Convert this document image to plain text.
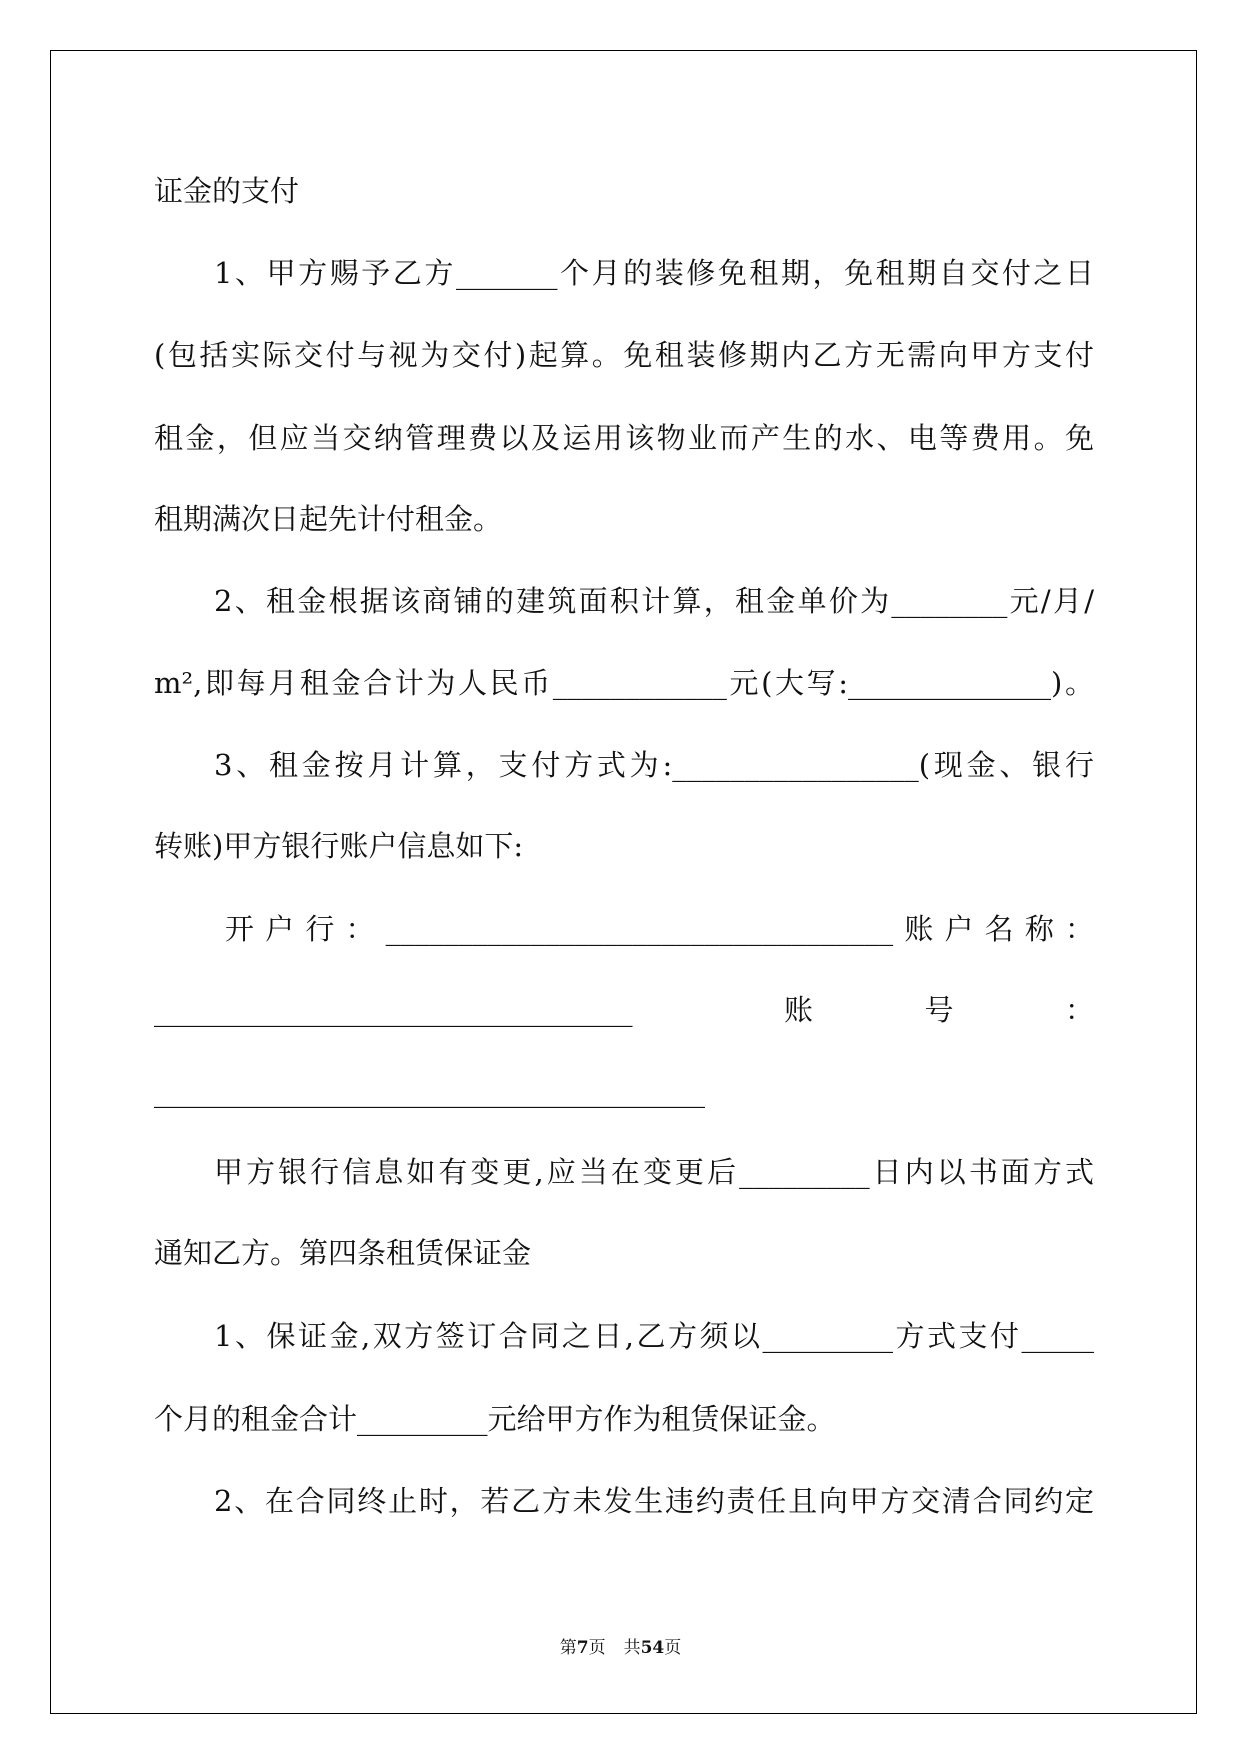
证金的支付
1、甲方赐予乙方_______个月的装修免租期，免租期自交付之日
(包括实际交付与视为交付)起算。免租装修期内乙方无需向甲方支付
租金，但应当交纳管理费以及运用该物业而产生的水、电等费用。免
租期满次日起先计付租金。
2、租金根据该商铺的建筑面积计算，租金单价为________元/月/
m²,即每月租金合计为人民币____________元(大写:______________)。
3、租金按月计算，支付方式为:_________________(现金、银行
转账)甲方银行账户信息如下:
开户行：___________________________________账户名称：
_________________________________	账号：
______________________________________
甲方银行信息如有变更,应当在变更后_________日内以书面方式
通知乙方。第四条租赁保证金
1、保证金,双方签订合同之日,乙方须以_________方式支付_____
个月的租金合计_________元给甲方作为租赁保证金。
2、在合同终止时，若乙方未发生违约责任且向甲方交清合同约定
第7页 共54页
